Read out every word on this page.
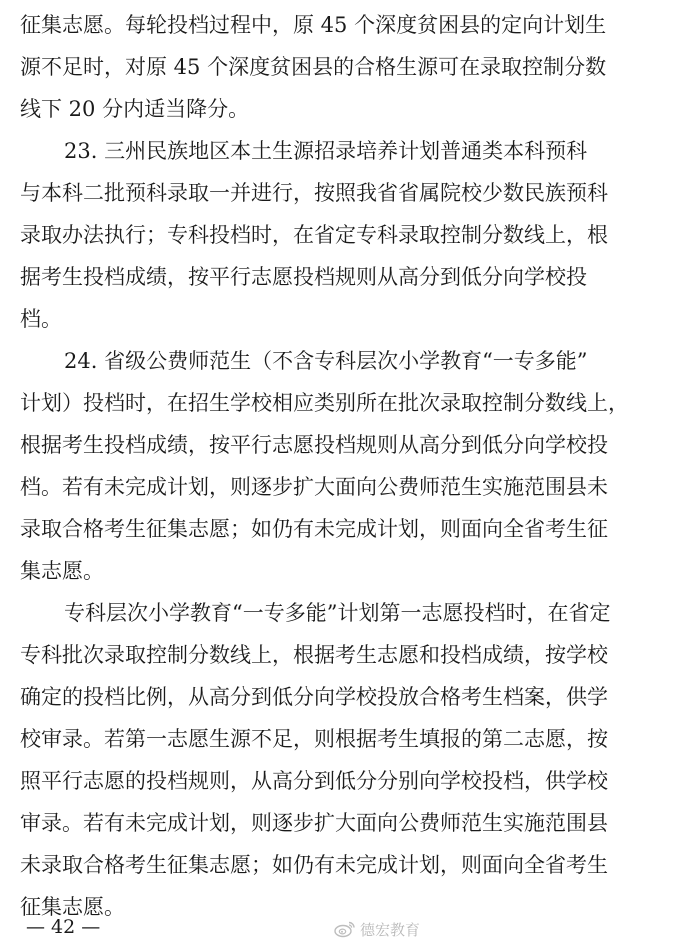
征集志愿。每轮投档过程中，原 45 个深度贫困县的定向计划生
源不足时，对原 45 个深度贫困县的合格生源可在录取控制分数
线下 20 分内适当降分。
23. 三州民族地区本土生源招录培养计划普通类本科预科
与本科二批预科录取一并进行，按照我省省属院校少数民族预科
录取办法执行；专科投档时，在省定专科录取控制分数线上，根
据考生投档成绩，按平行志愿投档规则从高分到低分向学校投
档。
24. 省级公费师范生（不含专科层次小学教育“一专多能”
计划）投档时，在招生学校相应类别所在批次录取控制分数线上，
根据考生投档成绩，按平行志愿投档规则从高分到低分向学校投
档。若有未完成计划，则逐步扩大面向公费师范生实施范围县未
录取合格考生征集志愿；如仍有未完成计划，则面向全省考生征
集志愿。
专科层次小学教育“一专多能”计划第一志愿投档时，在省定
专科批次录取控制分数线上，根据考生志愿和投档成绩，按学校
确定的投档比例，从高分到低分向学校投放合格考生档案，供学
校审录。若第一志愿生源不足，则根据考生填报的第二志愿，按
照平行志愿的投档规则，从高分到低分分别向学校投档，供学校
审录。若有未完成计划，则逐步扩大面向公费师范生实施范围县
未录取合格考生征集志愿；如仍有未完成计划，则面向全省考生
征集志愿。
— 42 —	德宏教育
